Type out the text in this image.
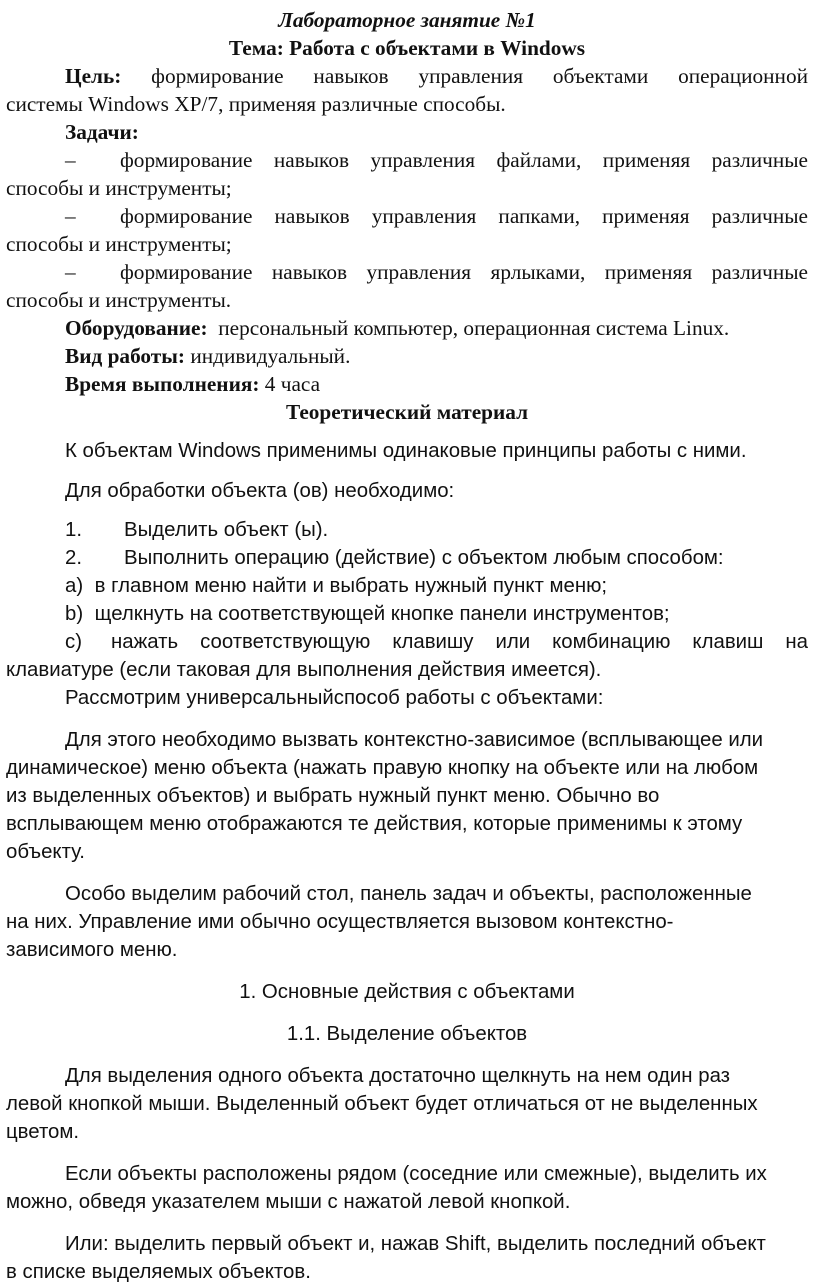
Лабораторное занятие №1

Тема: Работа с объектами в Windows

Цель: формирование навыков управления объектами операционной

системы Windows XP/7, применяя различные способы.

Задачи:

– формирование навыков управления файлами, применяя различные

способы и инструменты;

– формирование навыков управления папками, применяя различные

способы и инструменты;

– формирование навыков управления ярлыками, применяя различные

способы и инструменты.

Оборудование: персональный компьютер, операционная система Linux.

Вид работы: индивидуальный.

Время выполнения: 4 часа

Теоретический материал

К объектам Windows применимы одинаковые принципы работы с ними.

Для обработки объекта (ов) необходимо:

1. Выделить объект (ы).

2. Выполнить операцию (действие) с объектом любым способом:

a) в главном меню найти и выбрать нужный пункт меню;

b) щелкнуть на соответствующей кнопке панели инструментов;

c) нажать соответствующую клавишу или комбинацию клавиш на

клавиатуре (если таковая для выполнения действия имеется).

Рассмотрим универсальныйспособ работы с объектами:

Для этого необходимо вызвать контекстно-зависимое (всплывающее или

динамическое) меню объекта (нажать правую кнопку на объекте или на любом

из выделенных объектов) и выбрать нужный пункт меню. Обычно во

всплывающем меню отображаются те действия, которые применимы к этому

объекту.

Особо выделим рабочий стол, панель задач и объекты, расположенные

на них. Управление ими обычно осуществляется вызовом контекстно-

зависимого меню.

1. Основные действия с объектами

1.1. Выделение объектов

Для выделения одного объекта достаточно щелкнуть на нем один раз

левой кнопкой мыши. Выделенный объект будет отличаться от не выделенных

цветом.

Если объекты расположены рядом (соседние или смежные), выделить их

можно, обведя указателем мыши с нажатой левой кнопкой.

Или: выделить первый объект и, нажав Shift, выделить последний объект

в списке выделяемых объектов.
